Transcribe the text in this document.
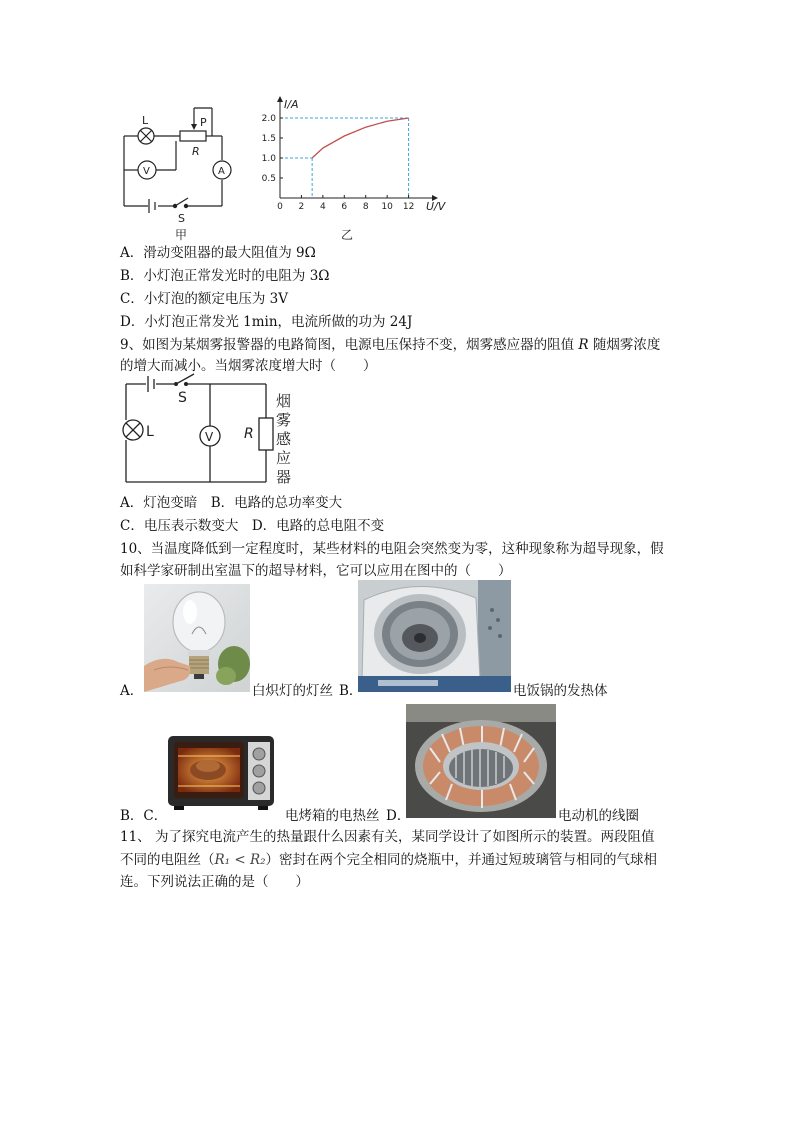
L	P
R
V	A
S
甲
0 2 4 6 8 10 12
0.5
1.0
1.5
2.0
I/A
U/V
乙
A．滑动变阻器的最大阻值为 9Ω
B．小灯泡正常发光时的电阻为 3Ω
C．小灯泡的额定电压为 3V
D．小灯泡正常发光 1min，电流所做的功为 24J
9、如图为某烟雾报警器的电路简图，电源电压保持不变，烟雾感应器的阻值 R 随烟雾浓度
的增大而减小。当烟雾浓度增大时（　　）
S
L	V R
烟
雾
感
应
器
A．灯泡变暗　B．电路的总功率变大
C．电压表示数变大　D．电路的总电阻不变
10、当温度降低到一定程度时，某些材料的电阻会突然变为零，这种现象称为超导现象，假
如科学家研制出室温下的超导材料，它可以应用在图中的（　　）
A．	白炽灯的灯丝 B．	电饭锅的发热体
B．C．	电烤箱的电热丝 D．	电动机的线圈
11、 为了探究电流产生的热量跟什么因素有关，某同学设计了如图所示的装置。两段阻值
不同的电阻丝（R₁ < R₂）密封在两个完全相同的烧瓶中，并通过短玻璃管与相同的气球相
连。下列说法正确的是（　　）
